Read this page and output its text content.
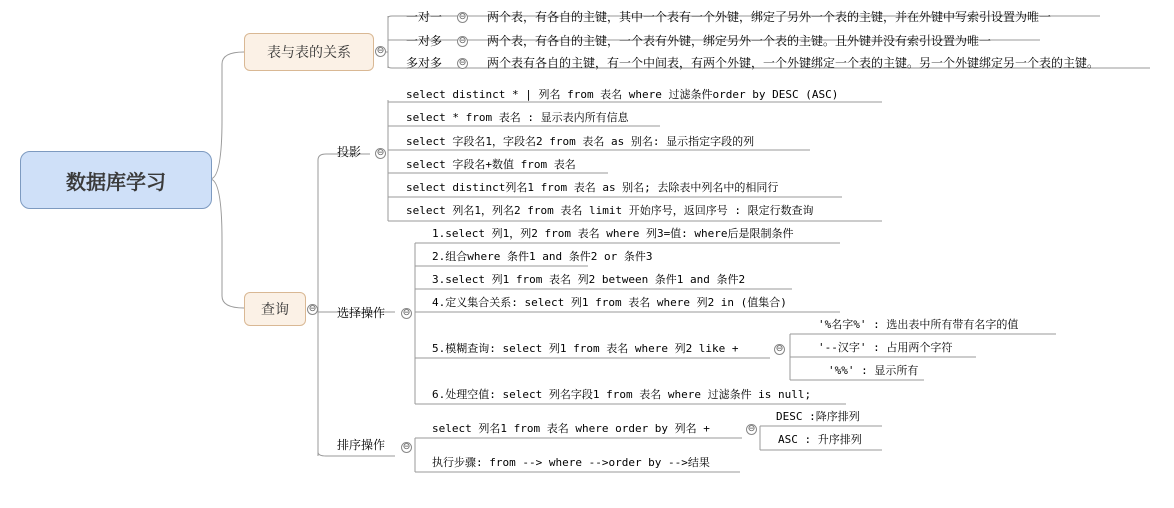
数据库学习
表与表的关系	⊖
一对一 ⊖ 两个表，有各自的主键，其中一个表有一个外键，绑定了另外一个表的主键，并在外键中写索引设置为唯一
一对多 ⊖ 两个表，有各自的主键，一个表有外键，绑定另外一个表的主键。且外键并没有索引设置为唯一
多对多 ⊖ 两个表有各自的主键，有一个中间表，有两个外键，一个外键绑定一个表的主键。另一个外键绑定另一个表的主键。
查询	⊖
投影 ⊖
select distinct * | 列名 from 表名 where 过滤条件order by DESC (ASC)
select * from 表名 : 显示表内所有信息
select 字段名1，字段名2 from 表名 as 别名: 显示指定字段的列
select 字段名+数值 from 表名
select distinct列名1 from 表名 as 别名; 去除表中列名中的相同行
select 列名1，列名2 from 表名 limit 开始序号，返回序号 : 限定行数查询
选择操作 ⊖
1.select 列1，列2 from 表名 where 列3=值: where后是限制条件
2.组合where 条件1 and 条件2 or 条件3
3.select 列1 from 表名 列2 between 条件1 and 条件2
4.定义集合关系: select 列1 from 表名 where 列2 in (值集合)
5.模糊查询: select 列1 from 表名 where 列2 like +	⊖
6.处理空值: select 列名字段1 from 表名 where 过滤条件 is null;
'%名字%' : 选出表中所有带有名字的值
'--汉字' : 占用两个字符
'%%' : 显示所有
排序操作 ⊖
select 列名1 from 表名 where order by 列名 +	⊖
执行步骤: from --> where -->order by -->结果
DESC :降序排列
ASC : 升序排列
